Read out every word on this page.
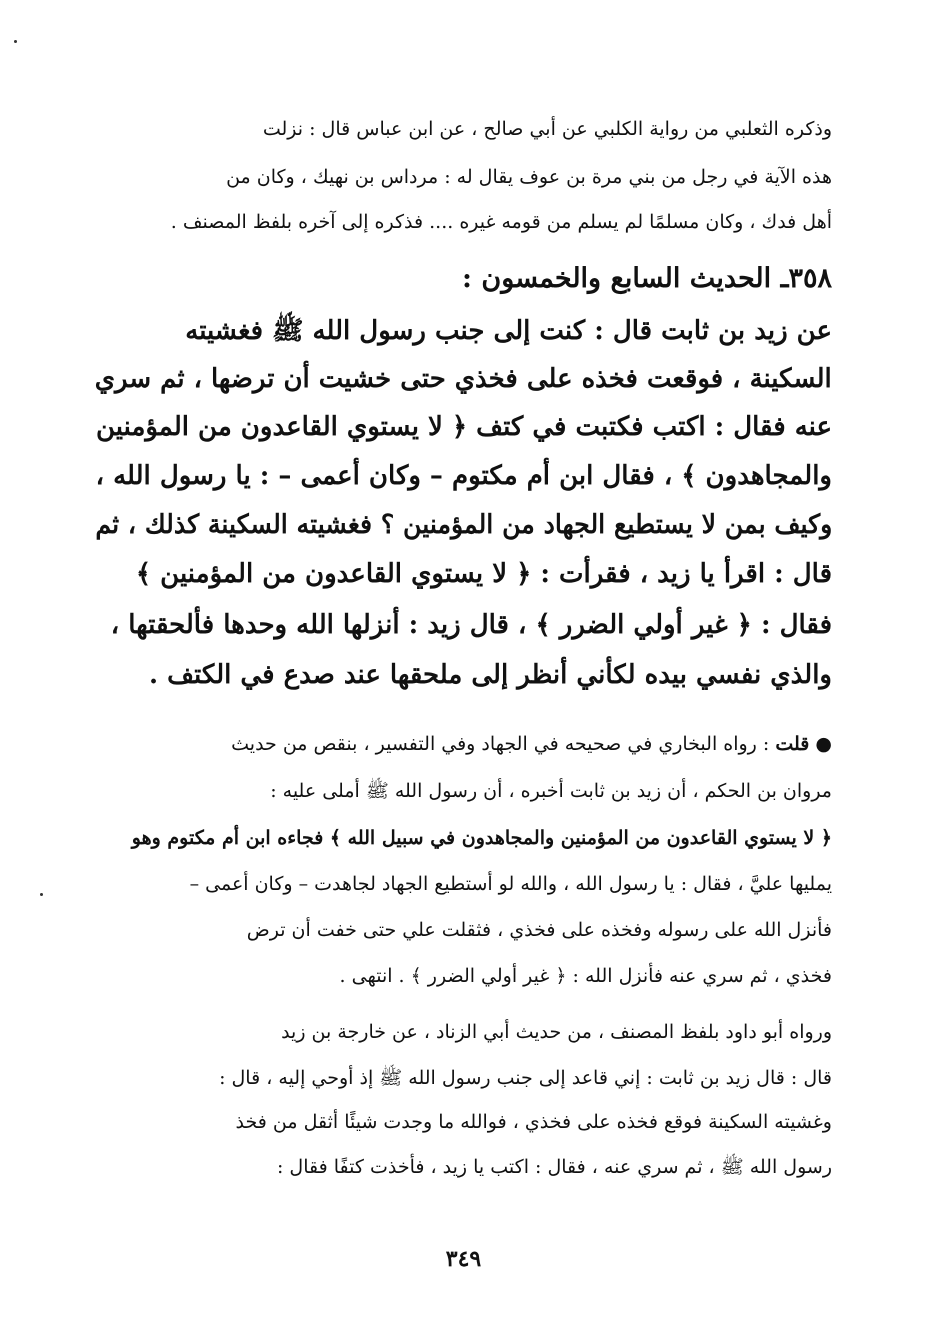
وذكره الثعلبي من رواية الكلبي عن أبي صالح ، عن ابن عباس قال : نزلت
هذه الآية في رجل من بني مرة بن عوف يقال له : مرداس بن نهيك ، وكان من
أهل فدك ، وكان مسلمًا لم يسلم من قومه غيره .... فذكره إلى آخره بلفظ المصنف .
٣٥٨ـ الحديث السابع والخمسون :
عن زيد بن ثابت قال : كنت إلى جنب رسول الله ﷺ فغشيته
السكينة ، فوقعت فخذه على فخذي حتى خشيت أن ترضها ، ثم سري
عنه فقال : اكتب فكتبت في كتف ﴿ لا يستوي القاعدون من المؤمنين
والمجاهدون ﴾ ، فقال ابن أم مكتوم – وكان أعمى – : يا رسول الله ،
وكيف بمن لا يستطيع الجهاد من المؤمنين ؟ فغشيته السكينة كذلك ، ثم
قال : اقرأ يا زيد ، فقرأت : ﴿ لا يستوي القاعدون من المؤمنين ﴾
فقال : ﴿ غير أولي الضرر ﴾ ، قال زيد : أنزلها الله وحدها فألحقتها ،
والذي نفسي بيده لكأني أنظر إلى ملحقها عند صدع في الكتف .
● قلت : رواه البخاري في صحيحه في الجهاد وفي التفسير ، بنقص من حديث
مروان بن الحكم ، أن زيد بن ثابت أخبره ، أن رسول الله ﷺ أملى عليه :
﴿ لا يستوي القاعدون من المؤمنين والمجاهدون في سبيل الله ﴾ فجاءه ابن أم مكتوم وهو
يمليها عليَّ ، فقال : يا رسول الله ، والله لو أستطيع الجهاد لجاهدت – وكان أعمى –
فأنزل الله على رسوله وفخذه على فخذي ، فثقلت علي حتى خفت أن ترض
فخذي ، ثم سري عنه فأنزل الله : ﴿ غير أولي الضرر ﴾ . انتهى .
ورواه أبو داود بلفظ المصنف ، من حديث أبي الزناد ، عن خارجة بن زيد
قال : قال زيد بن ثابت : إني قاعد إلى جنب رسول الله ﷺ إذ أوحي إليه ، قال :
وغشيته السكينة فوقع فخذه على فخذي ، فوالله ما وجدت شيئًا أثقل من فخذ
رسول الله ﷺ ، ثم سري عنه ، فقال : اكتب يا زيد ، فأخذت كتفًا فقال :
٣٤٩
